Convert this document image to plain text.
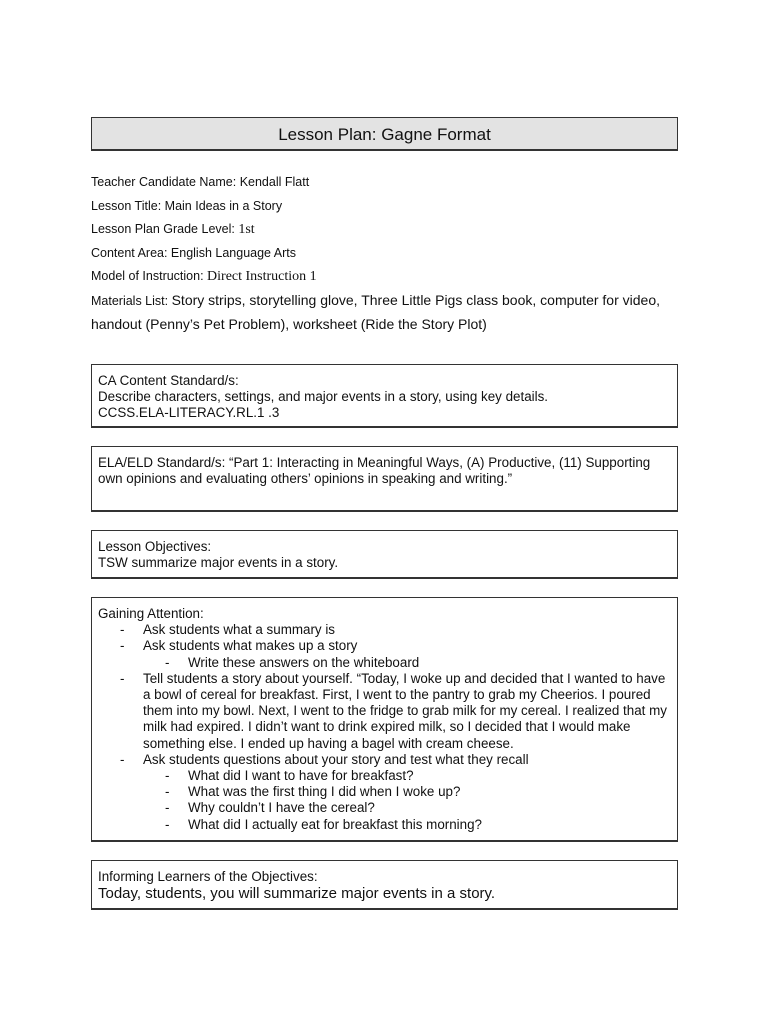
Lesson Plan: Gagne Format
Teacher Candidate Name: Kendall Flatt
Lesson Title: Main Ideas in a Story
Lesson Plan Grade Level: 1st
Content Area: English Language Arts
Model of Instruction: Direct Instruction 1
Materials List: Story strips, storytelling glove, Three Little Pigs class book, computer for video, handout (Penny’s Pet Problem), worksheet (Ride the Story Plot)

CA Content Standard/s:

Describe characters, settings, and major events in a story, using key details.

CCSS.ELA-LITERACY.RL.1 .3

ELA/ELD Standard/s: “Part 1: Interacting in Meaningful Ways, (A) Productive, (11) Supporting own opinions and evaluating others’ opinions in speaking and writing.”

Lesson Objectives:

TSW summarize major events in a story.

Gaining Attention:

- Ask students what a summary is
- Ask students what makes up a story
- Write these answers on the whiteboard
- Tell students a story about yourself. “Today, I woke up and decided that I wanted to have a bowl of cereal for breakfast. First, I went to the pantry to grab my Cheerios. I poured them into my bowl. Next, I went to the fridge to grab milk for my cereal. I realized that my milk had expired. I didn’t want to drink expired milk, so I decided that I would make something else. I ended up having a bagel with cream cheese.
- Ask students questions about your story and test what they recall
- What did I want to have for breakfast?
- What was the first thing I did when I woke up?
- Why couldn’t I have the cereal?
- What did I actually eat for breakfast this morning?

Informing Learners of the Objectives:

Today, students, you will summarize major events in a story.
